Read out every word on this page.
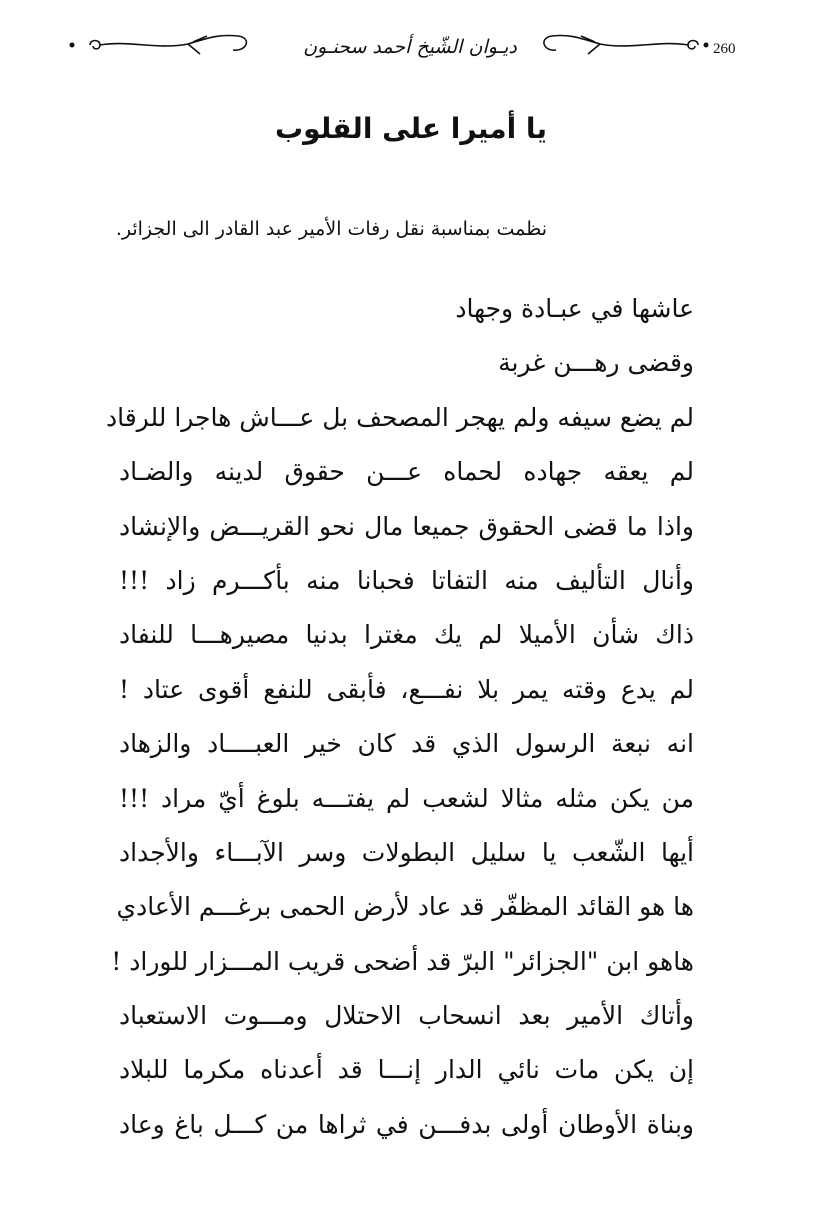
ديـوان الشّيخ أحمد سحنـون	260
يا أميرا على القلوب
نظمت بمناسبة نقل رفات الأمير عبد القادر الى الجزائر.
عاشها في عبـادة وجهاد
وقضى رهـــن غربة
لم يضع سيفه ولم يهجر المصحف بل عـــاش هاجرا للرقاد
لم يعقه جهاده لحماه عـــن حقوق لدينه والضـاد
واذا ما قضى الحقوق جميعا مال نحو القريـــض والإنشاد
وأنال التأليف منه التفاتا فحبانا منه بأكـــرم زاد !!!
ذاك شأن الأميلا لم يك مغترا بدنيا مصيرهـــا للنفاد
لم يدع وقته يمر بلا نفـــع، فأبقى للنفع أقوى عتاد !
انه نبعة الرسول الذي قد كان خير العبــــاد والزهاد
من يكن مثله مثالا لشعب لم يفتـــه بلوغ أيّ مراد !!!
أيها الشّعب يا سليل البطولات وسر الآبـــاء والأجداد
ها هو القائد المظفّر قد عاد لأرض الحمى برغـــم الأعادي
هاهو ابن "الجزائر" البرّ قد أضحى قريب المـــزار للوراد !
وأتاك الأمير بعد انسحاب الاحتلال ومـــوت الاستعباد
إن يكن مات نائي الدار إنـــا قد أعدناه مكرما للبلاد
وبناة الأوطان أولى بدفـــن في ثراها من كـــل باغ وعاد
